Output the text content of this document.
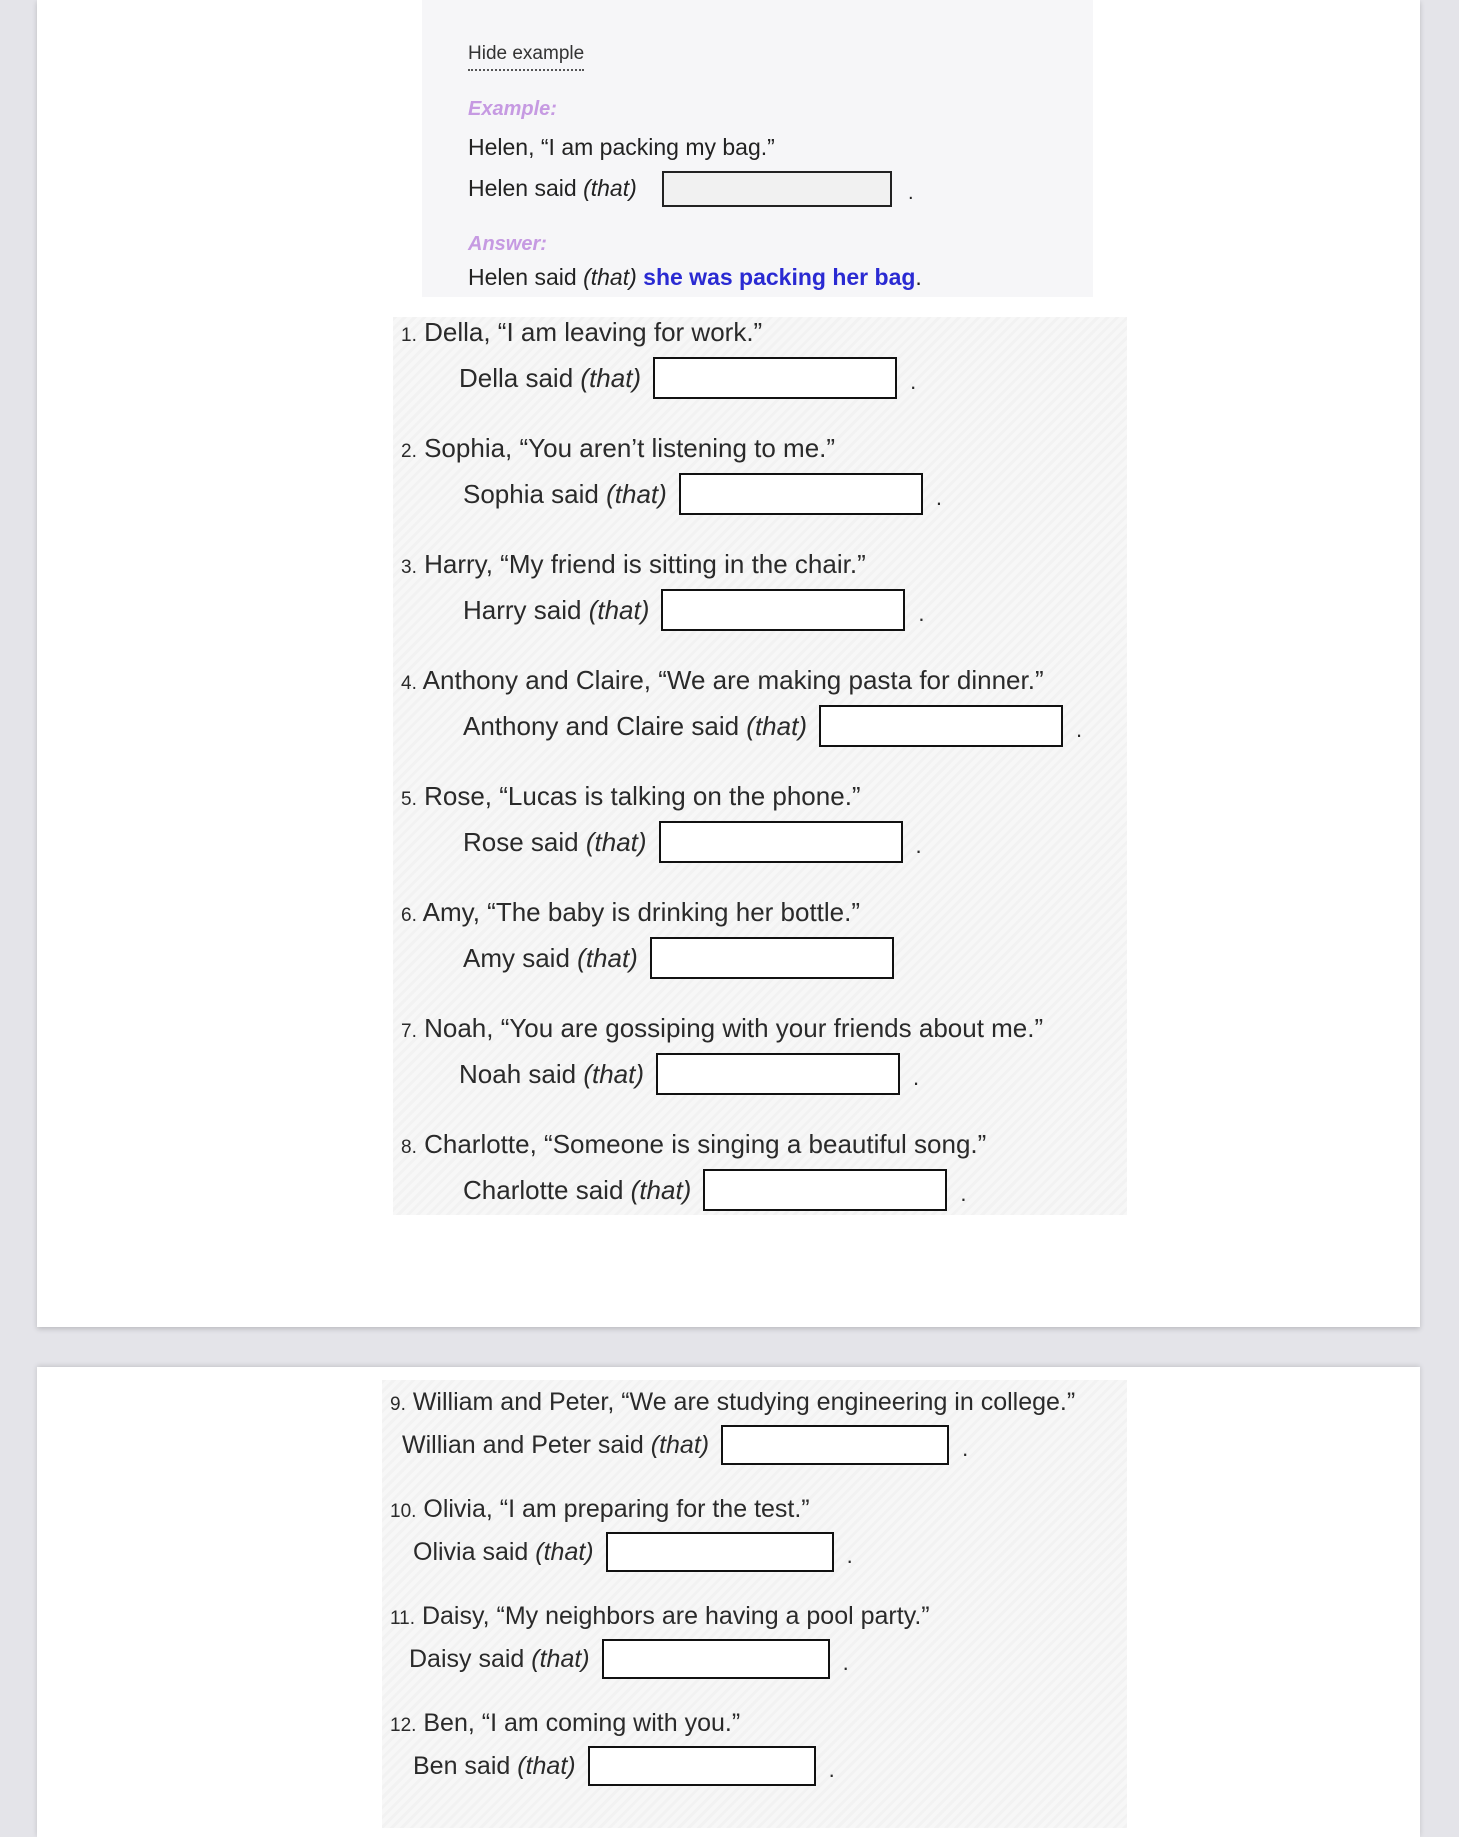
Hide example
Example:
Helen, “I am packing my bag.”
Helen said (that)	.
Answer:
Helen said (that) she was packing her bag.
1. Della, “I am leaving for work.”
Della said
(that)	.
2. Sophia, “You aren’t listening to me.”
Sophia said
(that)	.
3. Harry, “My friend is sitting in the chair.”
Harry said
(that)	.
4. Anthony and Claire, “We are making pasta for dinner.”
Anthony and Claire said
(that)	.
5. Rose, “Lucas is talking on the phone.”
Rose said
(that)	.
6. Amy, “The baby is drinking her bottle.”
Amy said
(that)
7. Noah, “You are gossiping with your friends about me.”
Noah said
(that)	.
8. Charlotte, “Someone is singing a beautiful song.”
Charlotte said
(that)	.
9. William and Peter, “We are studying engineering in college.”
Willian and Peter said
(that)	.
10. Olivia, “I am preparing for the test.”
Olivia said
(that)	.
11. Daisy, “My neighbors are having a pool party.”
Daisy said
(that)	.
12. Ben, “I am coming with you.”
Ben said
(that)	.
